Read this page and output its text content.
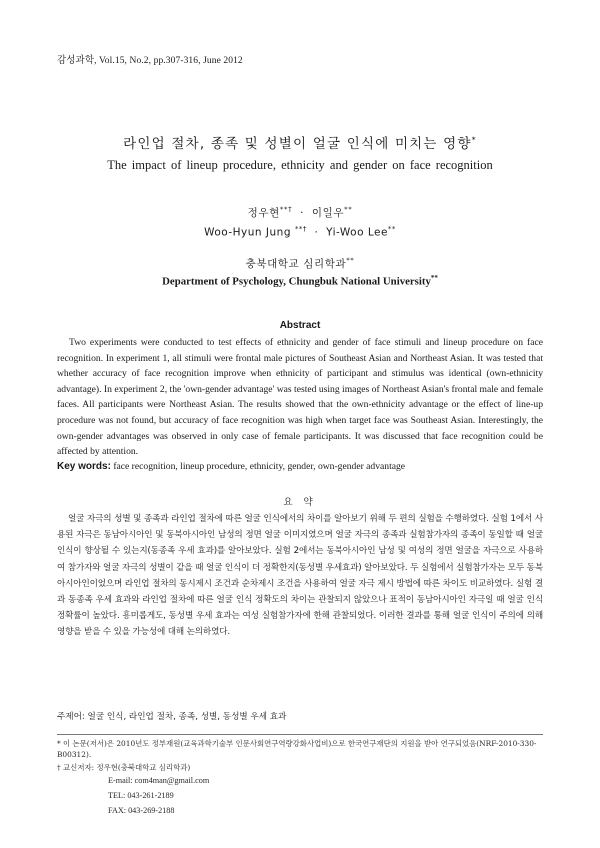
감성과학, Vol.15, No.2, pp.307-316, June 2012
라인업 절차, 종족 및 성별이 얼굴 인식에 미치는 영향*
The impact of lineup procedure, ethnicity and gender on face recognition
정우현**† · 이일우**
Woo-Hyun Jung **† · Yi-Woo Lee**
충북대학교 심리학과**
Department of Psychology, Chungbuk National University**
Abstract

Two experiments were conducted to test effects of ethnicity and gender of face stimuli and lineup procedure on face recognition. In experiment 1, all stimuli were frontal male pictures of Southeast Asian and Northeast Asian. It was tested that whether accuracy of face recognition improve when ethnicity of participant and stimulus was identical (own-ethnicity advantage). In experiment 2, the 'own-gender advantage' was tested using images of Northeast Asian's frontal male and female faces. All participants were Northeast Asian. The results showed that the own-ethnicity advantage or the effect of line-up procedure was not found, but accuracy of face recognition was high when target face was Southeast Asian. Interestingly, the own-gender advantages was observed in only case of female participants. It was discussed that face recognition could be affected by attention.

Key words: face recognition, lineup procedure, ethnicity, gender, own-gender advantage
요 약

얼굴 자극의 성별 및 종족과 라인업 절차에 따른 얼굴 인식에서의 차이를 알아보기 위해 두 편의 실험을 수행하였다. 실험 1에서 사용된 자극은 동남아시아인 및 동북아시아인 남성의 정면 얼굴 이미지였으며 얼굴 자극의 종족과 실험참가자의 종족이 동일할 때 얼굴 인식이 향상될 수 있는지(동종족 우세 효과)를 알아보았다. 실험 2에서는 동북아시아인 남성 및 여성의 정면 얼굴을 자극으로 사용하여 참가자와 얼굴 자극의 성별이 같을 때 얼굴 인식이 더 정확한지(동성별 우세효과) 알아보았다. 두 실험에서 실험참가자는 모두 동북아시아인이었으며 라인업 절차의 동시제시 조건과 순차제시 조건을 사용하여 얼굴 자극 제시 방법에 따른 차이도 비교하였다. 실험 결과 동종족 우세 효과와 라인업 절차에 따른 얼굴 인식 정확도의 차이는 관찰되지 않았으나 표적이 동남아시아인 자극일 때 얼굴 인식 정확률이 높았다. 흥미롭게도, 동성별 우세 효과는 여성 실험참가자에 한해 관찰되었다. 이러한 결과를 통해 얼굴 인식이 주의에 의해 영향을 받을 수 있을 가능성에 대해 논의하였다.

주제어: 얼굴 인식, 라인업 절차, 종족, 성별, 동성별 우세 효과
* 이 논문(저서)은 2010년도 정부재원(교육과학기술부 인문사회연구역량강화사업비)으로 한국연구재단의 지원을 받아 연구되었음(NRF-2010-330-B00312).
† 교신저자: 정우현(충북대학교 심리학과)
E-mail: com4man@gmail.com
TEL: 043-261-2189
FAX: 043-269-2188
